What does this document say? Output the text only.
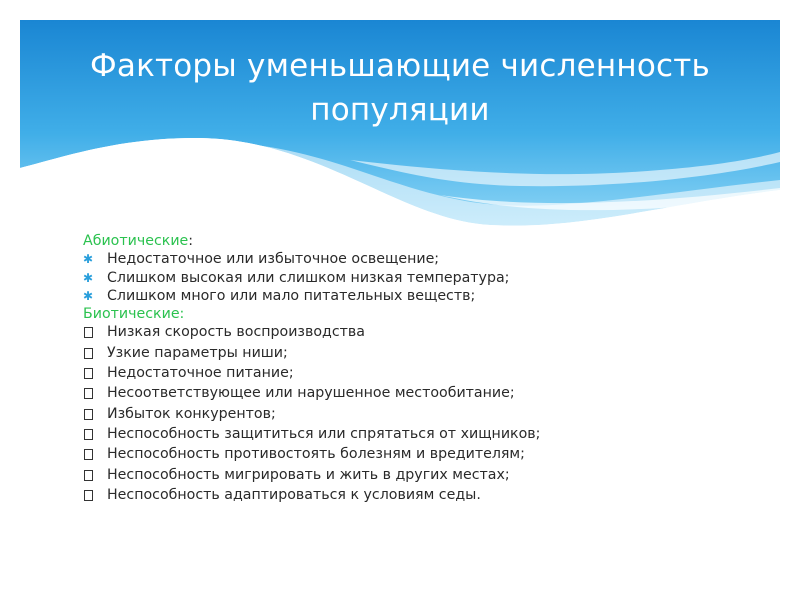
Факторы уменьшающие численность популяции
Абиотические:
✱ Недостаточное или избыточное освещение;
✱ Слишком высокая или слишком низкая температура;
✱ Слишком много или мало питательных веществ;
Биотические:
Низкая скорость воспроизводства
Узкие параметры ниши;
Недостаточное питание;
Несоответствующее или нарушенное местообитание;
Избыток конкурентов;
Неспособность защититься или спрятаться от хищников;
Неспособность противостоять болезням и вредителям;
Неспособность мигрировать и жить в других местах;
Неспособность адаптироваться к условиям седы.
